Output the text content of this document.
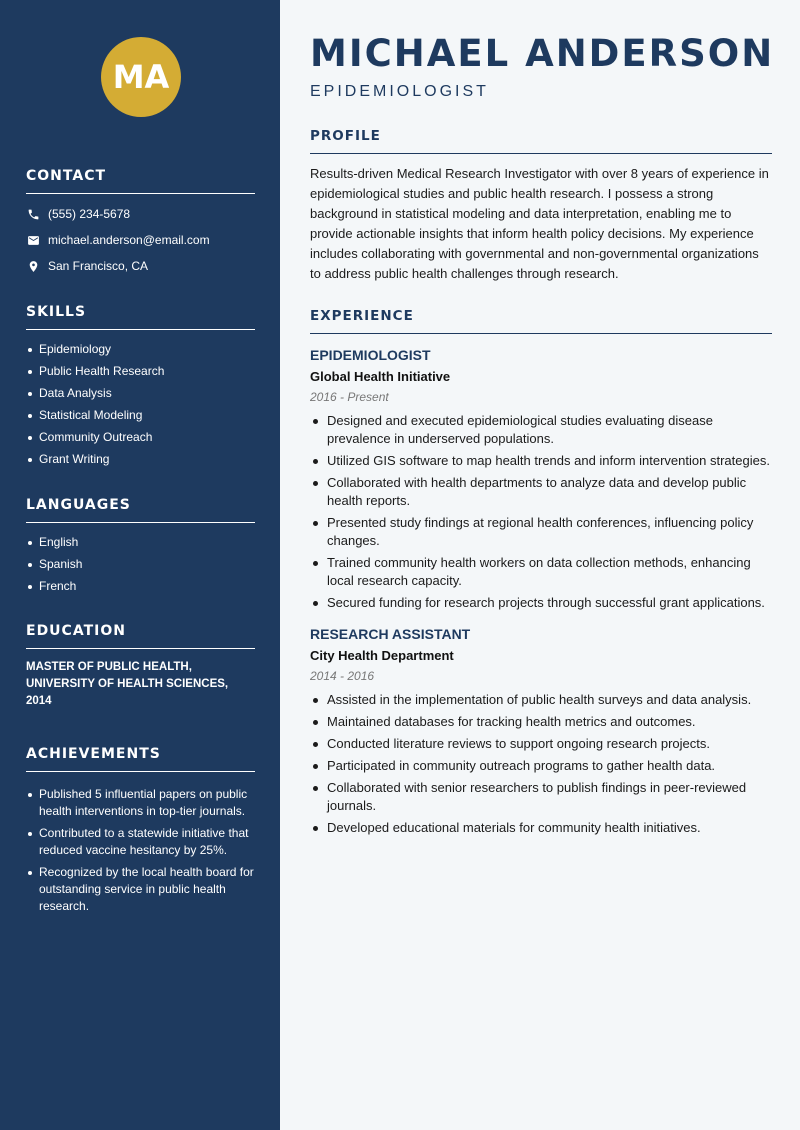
MA
CONTACT
(555) 234-5678
michael.anderson@email.com
San Francisco, CA
SKILLS
Epidemiology
Public Health Research
Data Analysis
Statistical Modeling
Community Outreach
Grant Writing
LANGUAGES
English
Spanish
French
EDUCATION
MASTER OF PUBLIC HEALTH, UNIVERSITY OF HEALTH SCIENCES, 2014
ACHIEVEMENTS
Published 5 influential papers on public health interventions in top-tier journals.
Contributed to a statewide initiative that reduced vaccine hesitancy by 25%.
Recognized by the local health board for outstanding service in public health research.
MICHAEL ANDERSON
EPIDEMIOLOGIST
PROFILE
Results-driven Medical Research Investigator with over 8 years of experience in epidemiological studies and public health research. I possess a strong background in statistical modeling and data interpretation, enabling me to provide actionable insights that inform health policy decisions. My experience includes collaborating with governmental and non-governmental organizations to address public health challenges through research.
EXPERIENCE
EPIDEMIOLOGIST
Global Health Initiative
2016 - Present
Designed and executed epidemiological studies evaluating disease prevalence in underserved populations.
Utilized GIS software to map health trends and inform intervention strategies.
Collaborated with health departments to analyze data and develop public health reports.
Presented study findings at regional health conferences, influencing policy changes.
Trained community health workers on data collection methods, enhancing local research capacity.
Secured funding for research projects through successful grant applications.
RESEARCH ASSISTANT
City Health Department
2014 - 2016
Assisted in the implementation of public health surveys and data analysis.
Maintained databases for tracking health metrics and outcomes.
Conducted literature reviews to support ongoing research projects.
Participated in community outreach programs to gather health data.
Collaborated with senior researchers to publish findings in peer-reviewed journals.
Developed educational materials for community health initiatives.
